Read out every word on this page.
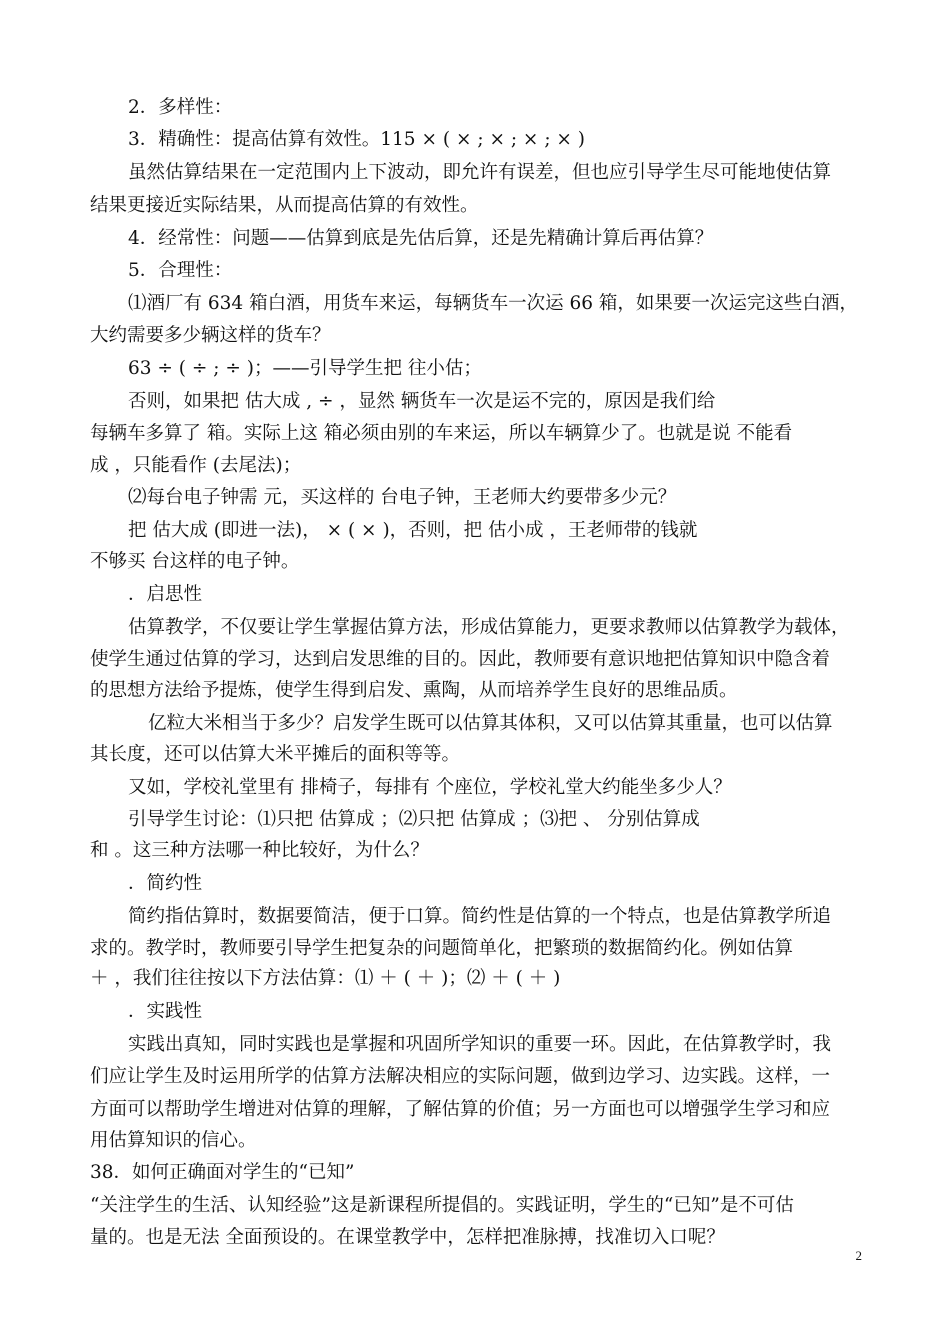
2．多样性：
3．精确性：提高估算有效性。115 × ( × ; × ; × ; × )
虽然估算结果在一定范围内上下波动，即允许有误差，但也应引导学生尽可能地使估算
结果更接近实际结果，从而提高估算的有效性。
4．经常性：问题——估算到底是先估后算，还是先精确计算后再估算？
5．合理性：
⑴酒厂有 634 箱白酒，用货车来运，每辆货车一次运 66 箱，如果要一次运完这些白酒，
大约需要多少辆这样的货车？
63 ÷ ( ÷ ; ÷ )；——引导学生把 往小估；
否则，如果把 估大成 , ÷ ，显然 辆货车一次是运不完的，原因是我们给
每辆车多算了 箱。实际上这 箱必须由别的车来运，所以车辆算少了。也就是说 不能看
成 ，只能看作 (去尾法)；
⑵每台电子钟需 元，买这样的 台电子钟，王老师大约要带多少元？
把 估大成 (即进一法)， × ( × )，否则，把 估小成 ，王老师带的钱就
不够买 台这样的电子钟。
．启思性
估算教学，不仅要让学生掌握估算方法，形成估算能力，更要求教师以估算教学为载体，
使学生通过估算的学习，达到启发思维的目的。因此，教师要有意识地把估算知识中隐含着
的思想方法给予提炼，使学生得到启发、熏陶，从而培养学生良好的思维品质。
亿粒大米相当于多少？启发学生既可以估算其体积，又可以估算其重量，也可以估算
其长度，还可以估算大米平摊后的面积等等。
又如，学校礼堂里有 排椅子，每排有 个座位，学校礼堂大约能坐多少人？
引导学生讨论：⑴只把 估算成 ；⑵只把 估算成 ；⑶把 、 分别估算成
和 。这三种方法哪一种比较好，为什么？
．简约性
简约指估算时，数据要简洁，便于口算。简约性是估算的一个特点，也是估算教学所追
求的。教学时，教师要引导学生把复杂的问题简单化，把繁琐的数据简约化。例如估算
＋ ，我们往往按以下方法估算：⑴ ＋ ( ＋ )；⑵ ＋ ( ＋ )
．实践性
实践出真知，同时实践也是掌握和巩固所学知识的重要一环。因此，在估算教学时，我
们应让学生及时运用所学的估算方法解决相应的实际问题，做到边学习、边实践。这样，一
方面可以帮助学生增进对估算的理解，了解估算的价值；另一方面也可以增强学生学习和应
用估算知识的信心。
38．如何正确面对学生的“已知”
“关注学生的生活、认知经验”这是新课程所提倡的。实践证明，学生的“已知”是不可估
量的。也是无法 全面预设的。在课堂教学中，怎样把准脉搏，找准切入口呢？
2
